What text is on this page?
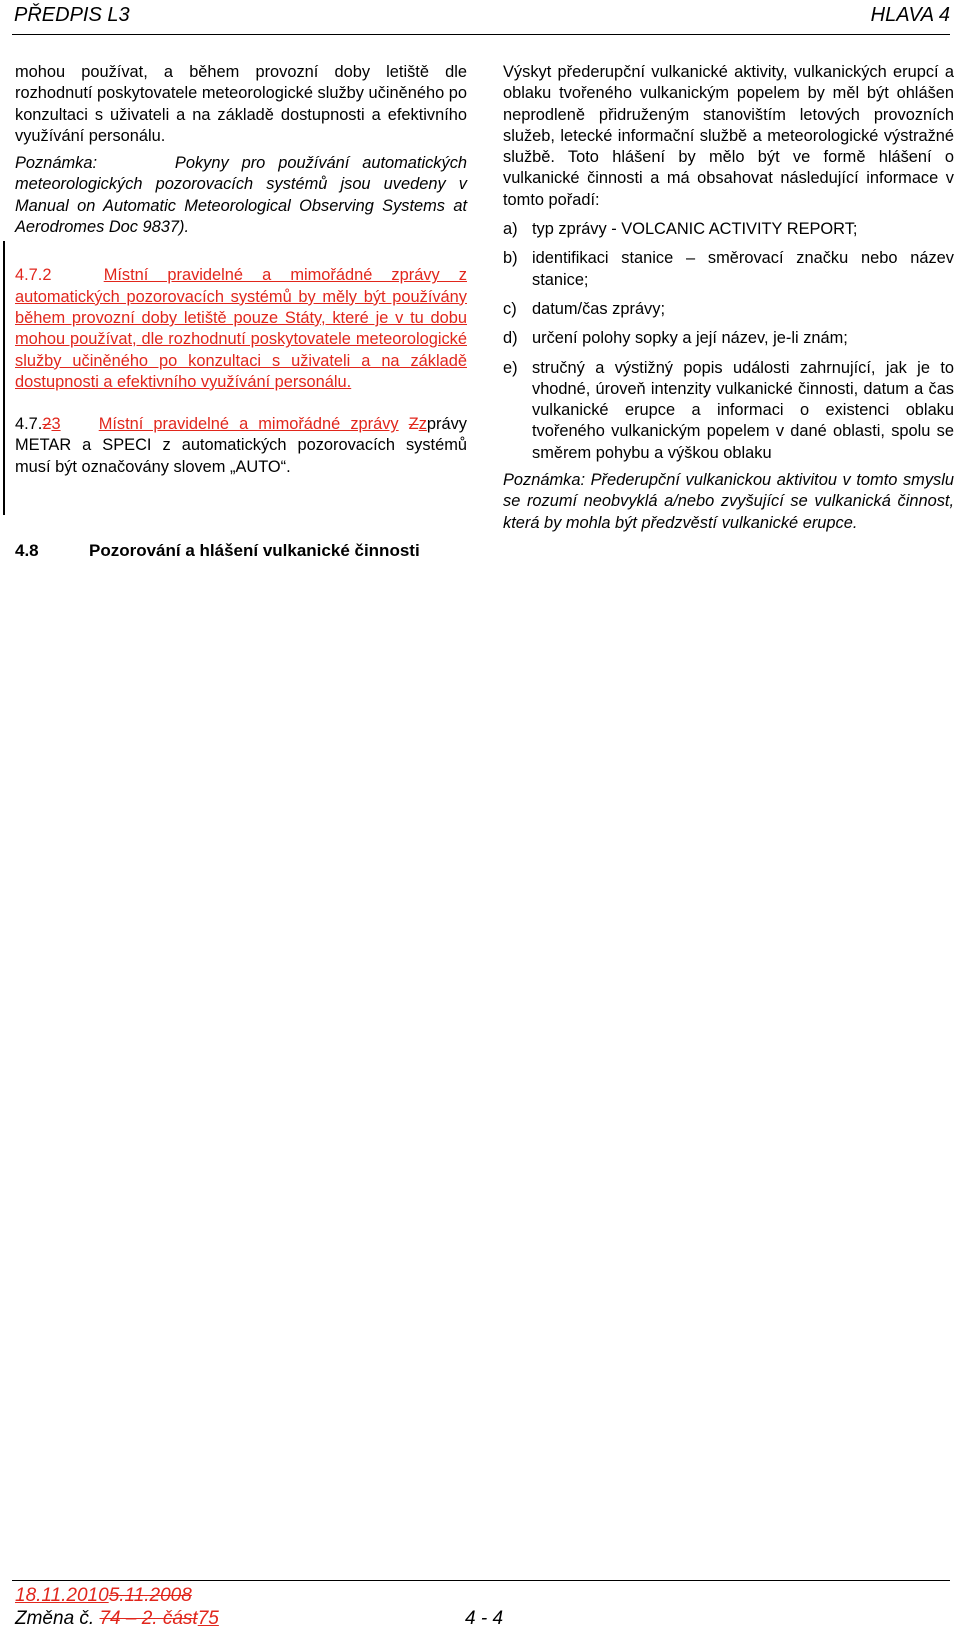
PŘEDPIS L3	HLAVA 4

mohou používat, a během provozní doby letiště dle rozhodnutí poskytovatele meteorologické služby učiněného po konzultaci s uživateli a na základě dostupnosti a efektivního využívání personálu.

Poznámka:	Pokyny pro používání automatických meteorologických pozorovacích systémů jsou uvedeny v Manual on Automatic Meteorological Observing Systems at Aerodromes Doc 9837).

4.7.2	Místní pravidelné a mimořádné zprávy z automatických pozorovacích systémů by měly být používány během provozní doby letiště pouze Státy, které je v tu dobu mohou používat, dle rozhodnutí poskytovatele meteorologické služby učiněného po konzultaci s uživateli a na základě dostupnosti a efektivního využívání personálu.

4.7.23 Místní pravidelné a mimořádné zprávy Zzprávy METAR a SPECI z automatických pozorovacích systémů musí být označovány slovem „AUTO“.

4.8	Pozorování a hlášení vulkanické činnosti

Výskyt přederupční vulkanické aktivity, vulkanických erupcí a oblaku tvořeného vulkanickým popelem by měl být ohlášen neprodleně přidruženým stanovištím letových provozních služeb, letecké informační službě a meteorologické výstražné službě. Toto hlášení by mělo být ve formě hlášení o vulkanické činnosti a má obsahovat následující informace v tomto pořadí:

a) typ zprávy - VOLCANIC ACTIVITY REPORT;
b) identifikaci stanice – směrovací značku nebo název stanice;
c) datum/čas zprávy;
d) určení polohy sopky a její název, je-li znám;
e) stručný a výstižný popis události zahrnující, jak je to vhodné, úroveň intenzity vulkanické činnosti, datum a čas vulkanické erupce a informaci o existenci oblaku tvořeného vulkanickým popelem v dané oblasti, spolu se směrem pohybu a výškou oblaku

Poznámka: Přederupční vulkanickou aktivitou v tomto smyslu se rozumí neobvyklá a/nebo zvyšující se vulkanická činnost, která by mohla být předzvěstí vulkanické erupce.

18.11.20105.11.2008
Změna č. 74 – 2. část75	4 - 4
